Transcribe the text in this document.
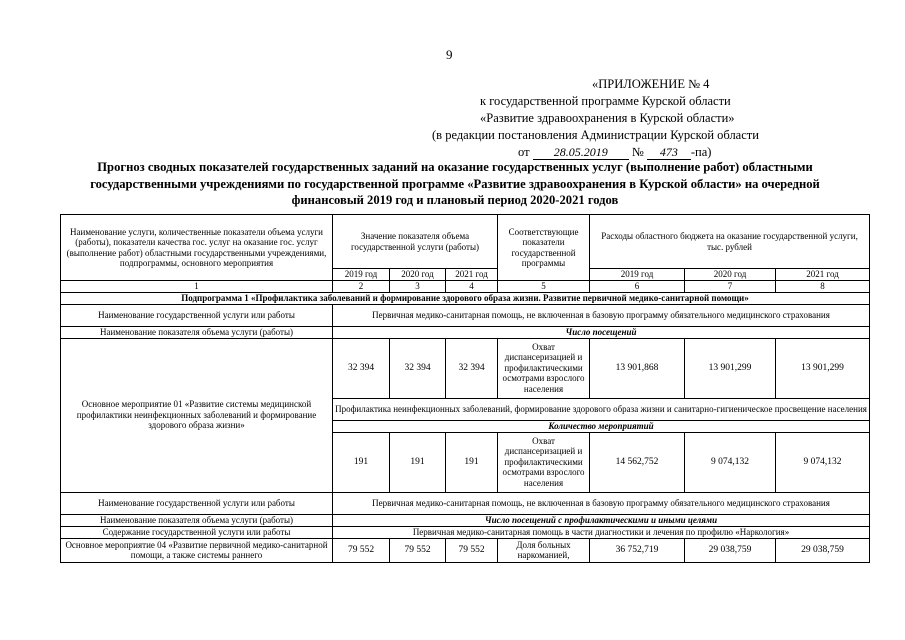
9
«ПРИЛОЖЕНИЕ № 4
к государственной программе Курской области
«Развитие здравоохранения в Курской области»
(в редакции постановления Администрации Курской области
от 28.05.2019 № 473 -па)
Прогноз сводных показателей государственных заданий на оказание государственных услуг (выполнение работ) областными государственными учреждениями по государственной программе «Развитие здравоохранения в Курской области» на очередной финансовый 2019 год и плановый период 2020-2021 годов
Наименование услуги, количественные показатели объема услуги (работы), показатели качества гос. услуг на оказание гос. услуг (выполнение работ) областными государственными учреждениями, подпрограммы, основного мероприятия	Значение показателя объема государственной услуги (работы)			Соответствующие показатели государственной программы	Расходы областного бюджета на оказание государственной услуги, тыс. рублей		
	2019 год	2020 год	2021 год		2019 год	2020 год	2021 год
1	2	3	4	5	6	7	8
Подпрограмма 1 «Профилактика заболеваний и формирование здорового образа жизни. Развитие первичной медико-санитарной помощи»							
Наименование государственной услуги или работы	Первичная медико-санитарная помощь, не включенная в базовую программу обязательного медицинского страхования						
Наименование показателя объема услуги (работы)	Число посещений						
Основное мероприятие 01 «Развитие системы медицинской профилактики неинфекционных заболеваний и формирование здорового образа жизни»	32 394	32 394	32 394	Охват диспансеризацией и профилактическими осмотрами взрослого населения	13 901,868	13 901,299	13 901,299
	Профилактика неинфекционных заболеваний, формирование здорового образа жизни и санитарно-гигиеническое просвещение населения						
	Количество мероприятий						
	191	191	191	Охват диспансеризацией и профилактическими осмотрами взрослого населения	14 562,752	9 074,132	9 074,132
Наименование государственной услуги или работы	Первичная медико-санитарная помощь, не включенная в базовую программу обязательного медицинского страхования						
Наименование показателя объема услуги (работы)	Число посещений с профилактическими и иными целями						
Содержание государственной услуги или работы	Первичная медико-санитарная помощь в части диагностики и лечения по профилю «Наркология»						
Основное мероприятие 04 «Развитие первичной медико-санитарной помощи, а также системы раннего	79 552	79 552	79 552	Доля больных наркоманией,	36 752,719	29 038,759	29 038,759
